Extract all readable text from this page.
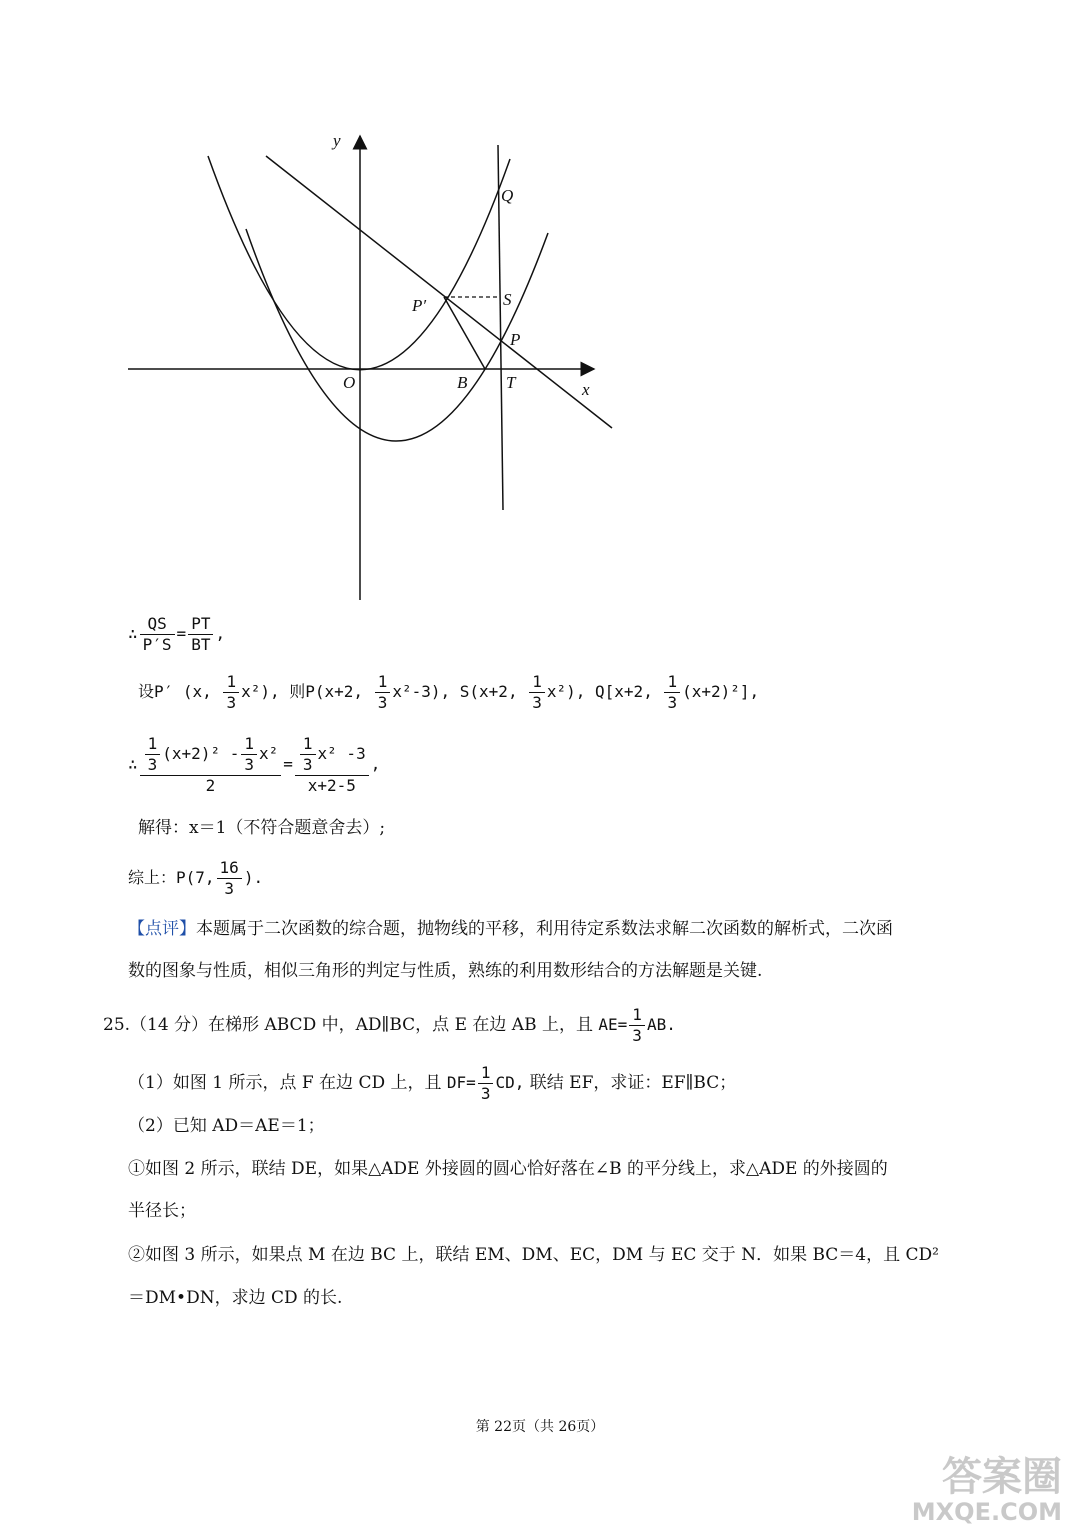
y
x
O
Q
S
P′
P
B T
∴ $\frac{QS}{P'S} = \frac{PT}{BT}$ ,
设P′ (x, $\frac{1}{3} x^2$), 则P(x+2, $\frac{1}{3} x^2-3$), S(x+2, $\frac{1}{3} x^2$), Q[x+2, $\frac{1}{3} (x+2)^2$],
∴ $\frac{\frac{1}{3} (x+2)^2 - \frac{1}{3} x^2}{2} = \frac{\frac{1}{3} x^2 -3}{x+2-5}$ ,
解得：x＝1（不符合题意舍去）;
综上：P(7, $\frac{16}{3}$ ).
【点评】本题属于二次函数的综合题，抛物线的平移，利用待定系数法求解二次函数的解析式，二次函
数的图象与性质，相似三角形的判定与性质，熟练的利用数形结合的方法解题是关键.
25.（14 分）在梯形 ABCD 中，AD∥BC，点 E 在边 AB 上，且 $AE= \frac{1}{3}$ AB.
（1）如图 1 所示，点 F 在边 CD 上，且 $DF= \frac{1}{3}$ CD, 联结 EF，求证：EF∥BC；
（2）已知 AD＝AE＝1；
①如图 2 所示，联结 DE，如果△ADE 外接圆的圆心恰好落在∠B 的平分线上，求△ADE 的外接圆的
半径长；
②如图 3 所示，如果点 M 在边 BC 上，联结 EM、DM、EC，DM 与 EC 交于 N．如果 BC＝4，且 CD²
＝DM•DN，求边 CD 的长.
第 22页（共 26页）
答案圈
MXQE.COM
